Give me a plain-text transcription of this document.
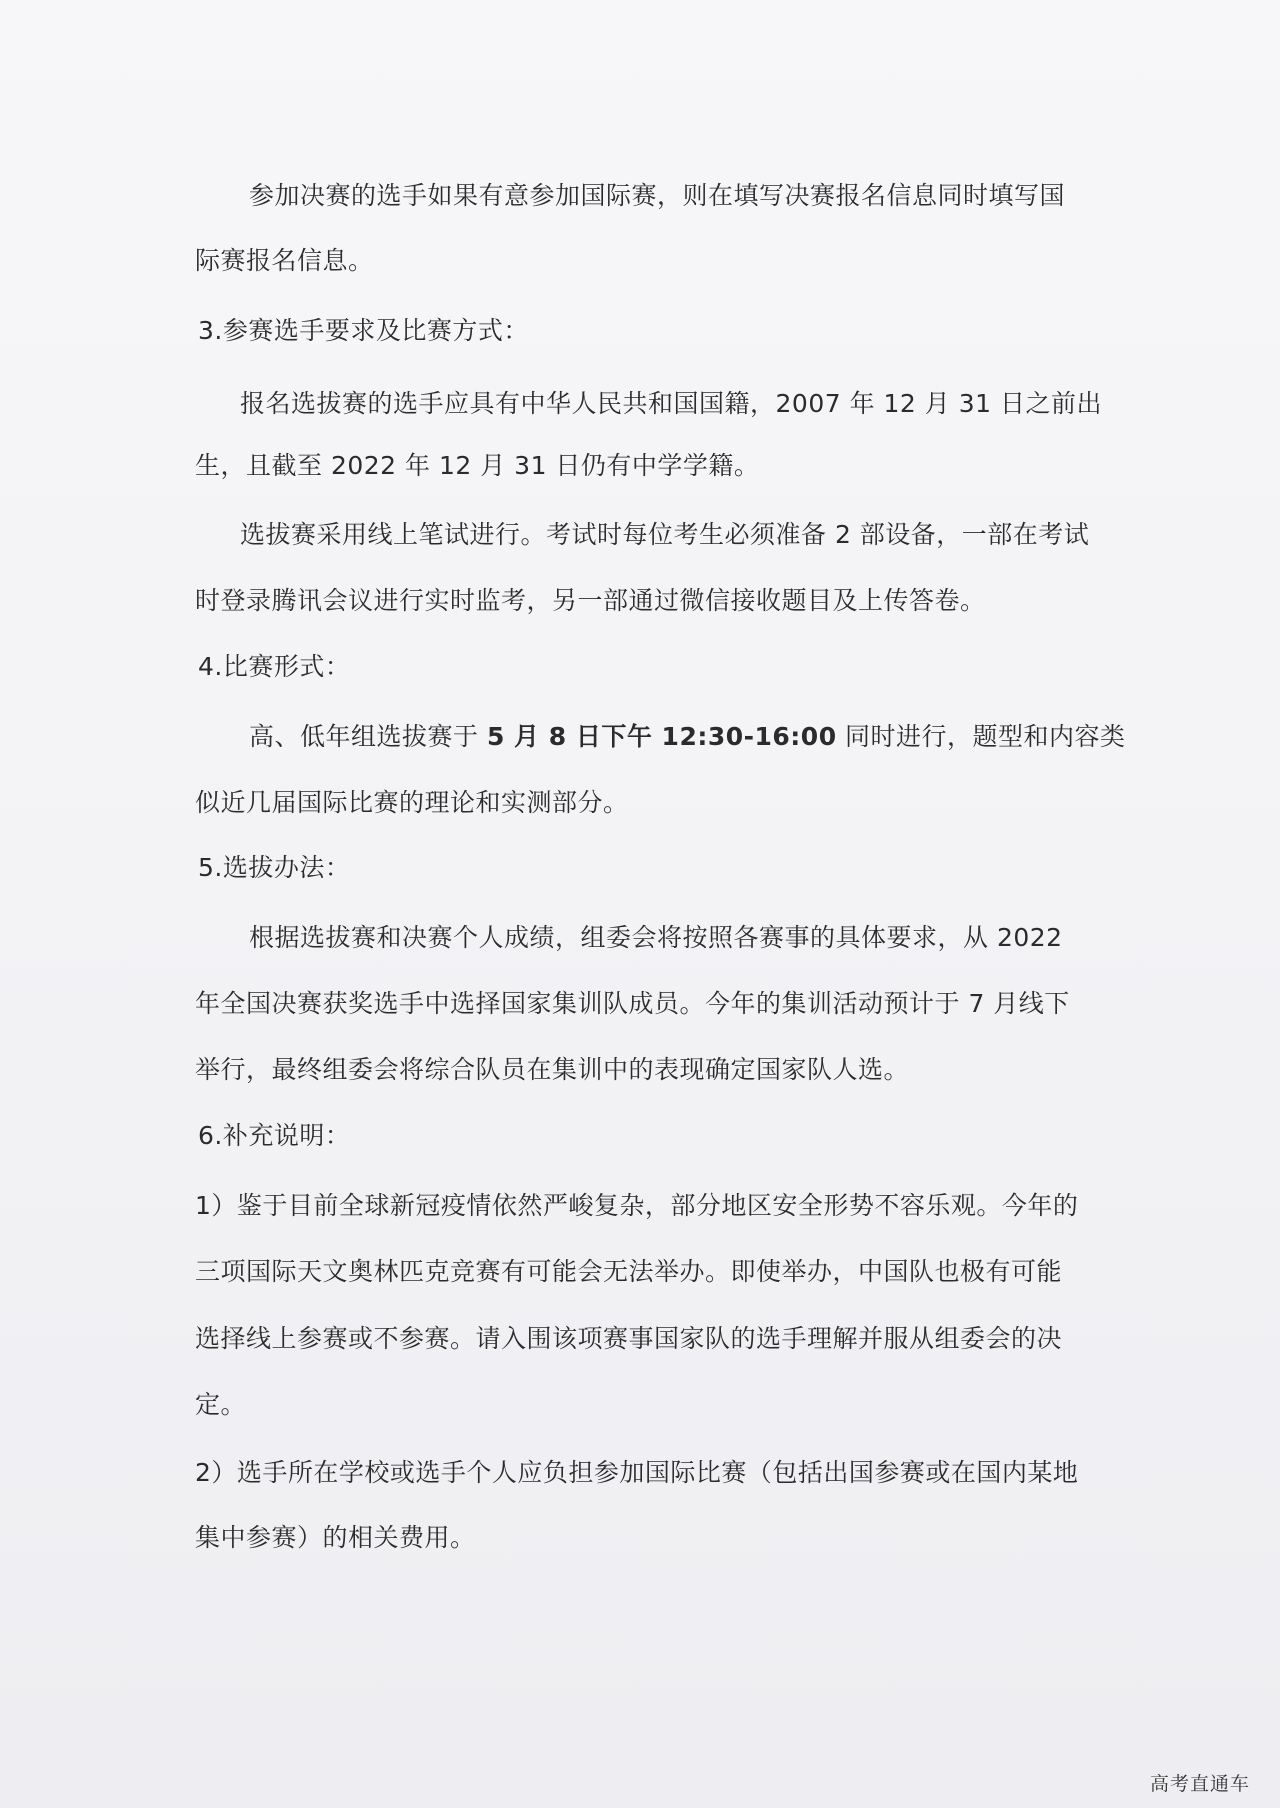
参加决赛的选手如果有意参加国际赛，则在填写决赛报名信息同时填写国
际赛报名信息。
3.参赛选手要求及比赛方式：
报名选拔赛的选手应具有中华人民共和国国籍，2007 年 12 月 31 日之前出
生，且截至 2022 年 12 月 31 日仍有中学学籍。
选拔赛采用线上笔试进行。考试时每位考生必须准备 2 部设备，一部在考试
时登录腾讯会议进行实时监考，另一部通过微信接收题目及上传答卷。
4.比赛形式：
高、低年组选拔赛于 5 月 8 日下午 12:30-16:00 同时进行，题型和内容类
似近几届国际比赛的理论和实测部分。
5.选拔办法：
根据选拔赛和决赛个人成绩，组委会将按照各赛事的具体要求，从 2022
年全国决赛获奖选手中选择国家集训队成员。今年的集训活动预计于 7 月线下
举行，最终组委会将综合队员在集训中的表现确定国家队人选。
6.补充说明：
1）鉴于目前全球新冠疫情依然严峻复杂，部分地区安全形势不容乐观。今年的
三项国际天文奥林匹克竞赛有可能会无法举办。即使举办，中国队也极有可能
选择线上参赛或不参赛。请入围该项赛事国家队的选手理解并服从组委会的决
定。
2）选手所在学校或选手个人应负担参加国际比赛（包括出国参赛或在国内某地
集中参赛）的相关费用。
高考直通车
